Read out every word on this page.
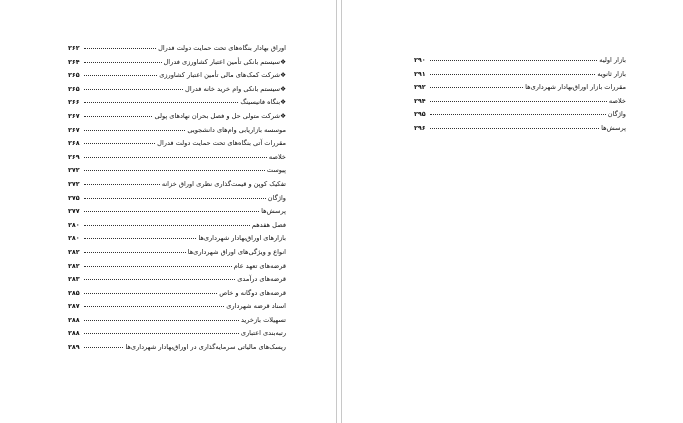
اوراق بهادار بنگاه‌های تحت حمایت دولت فدرال
۲۶۲
❖سیستم بانکی تأمین اعتبار کشاورزی فدرال
۲۶۴
❖شرکت کمک‌های مالی تأمین اعتبار کشاورزی
۲۶۵
❖سیستم بانکی وام خرید خانه فدرال
۲۶۵
❖بنگاه فانیسینگ
۲۶۶
❖شرکت متولی حل و فصل بحران نهادهای پولی
۲۶۷
موسسه بازاریابی وام‌های دانشجویی
۲۶۷
مقررات آتی بنگاه‌های تحت حمایت دولت فدرال
۲۶۸
خلاصه
۲۶۹
پیوست
۲۷۲
تفکیک کوپن و قیمت‌گذاری نظری اوراق خزانه
۲۷۲
واژگان
۲۷۵
پرسش‌ها
۲۷۷
فصل هفدهم
۲۸۰
بازارهای اوراق‌بهادار شهرداری‌ها
۲۸۰
انواع و ویژگی‌های اوراق شهرداری‌ها
۲۸۲
قرضه‌های تعهد عام
۲۸۲
قرضه‌های درآمدی
۲۸۳
قرضه‌های دوگانه و خاص
۲۸۵
اسناد قرضه شهرداری
۲۸۷
تسهیلات بازخرید
۲۸۸
رتبه‌بندی اعتباری
۲۸۸
ریسک‌های مالیاتی سرمایه‌گذاری در اوراق‌بهادار شهرداری‌ها
۲۸۹
بازار اولیه
۲۹۰
بازار ثانویه
۲۹۱
مقررات بازار اوراق‌بهادار شهرداری‌ها
۲۹۲
خلاصه
۲۹۴
واژگان
۲۹۵
پرسش‌ها
۲۹۶
